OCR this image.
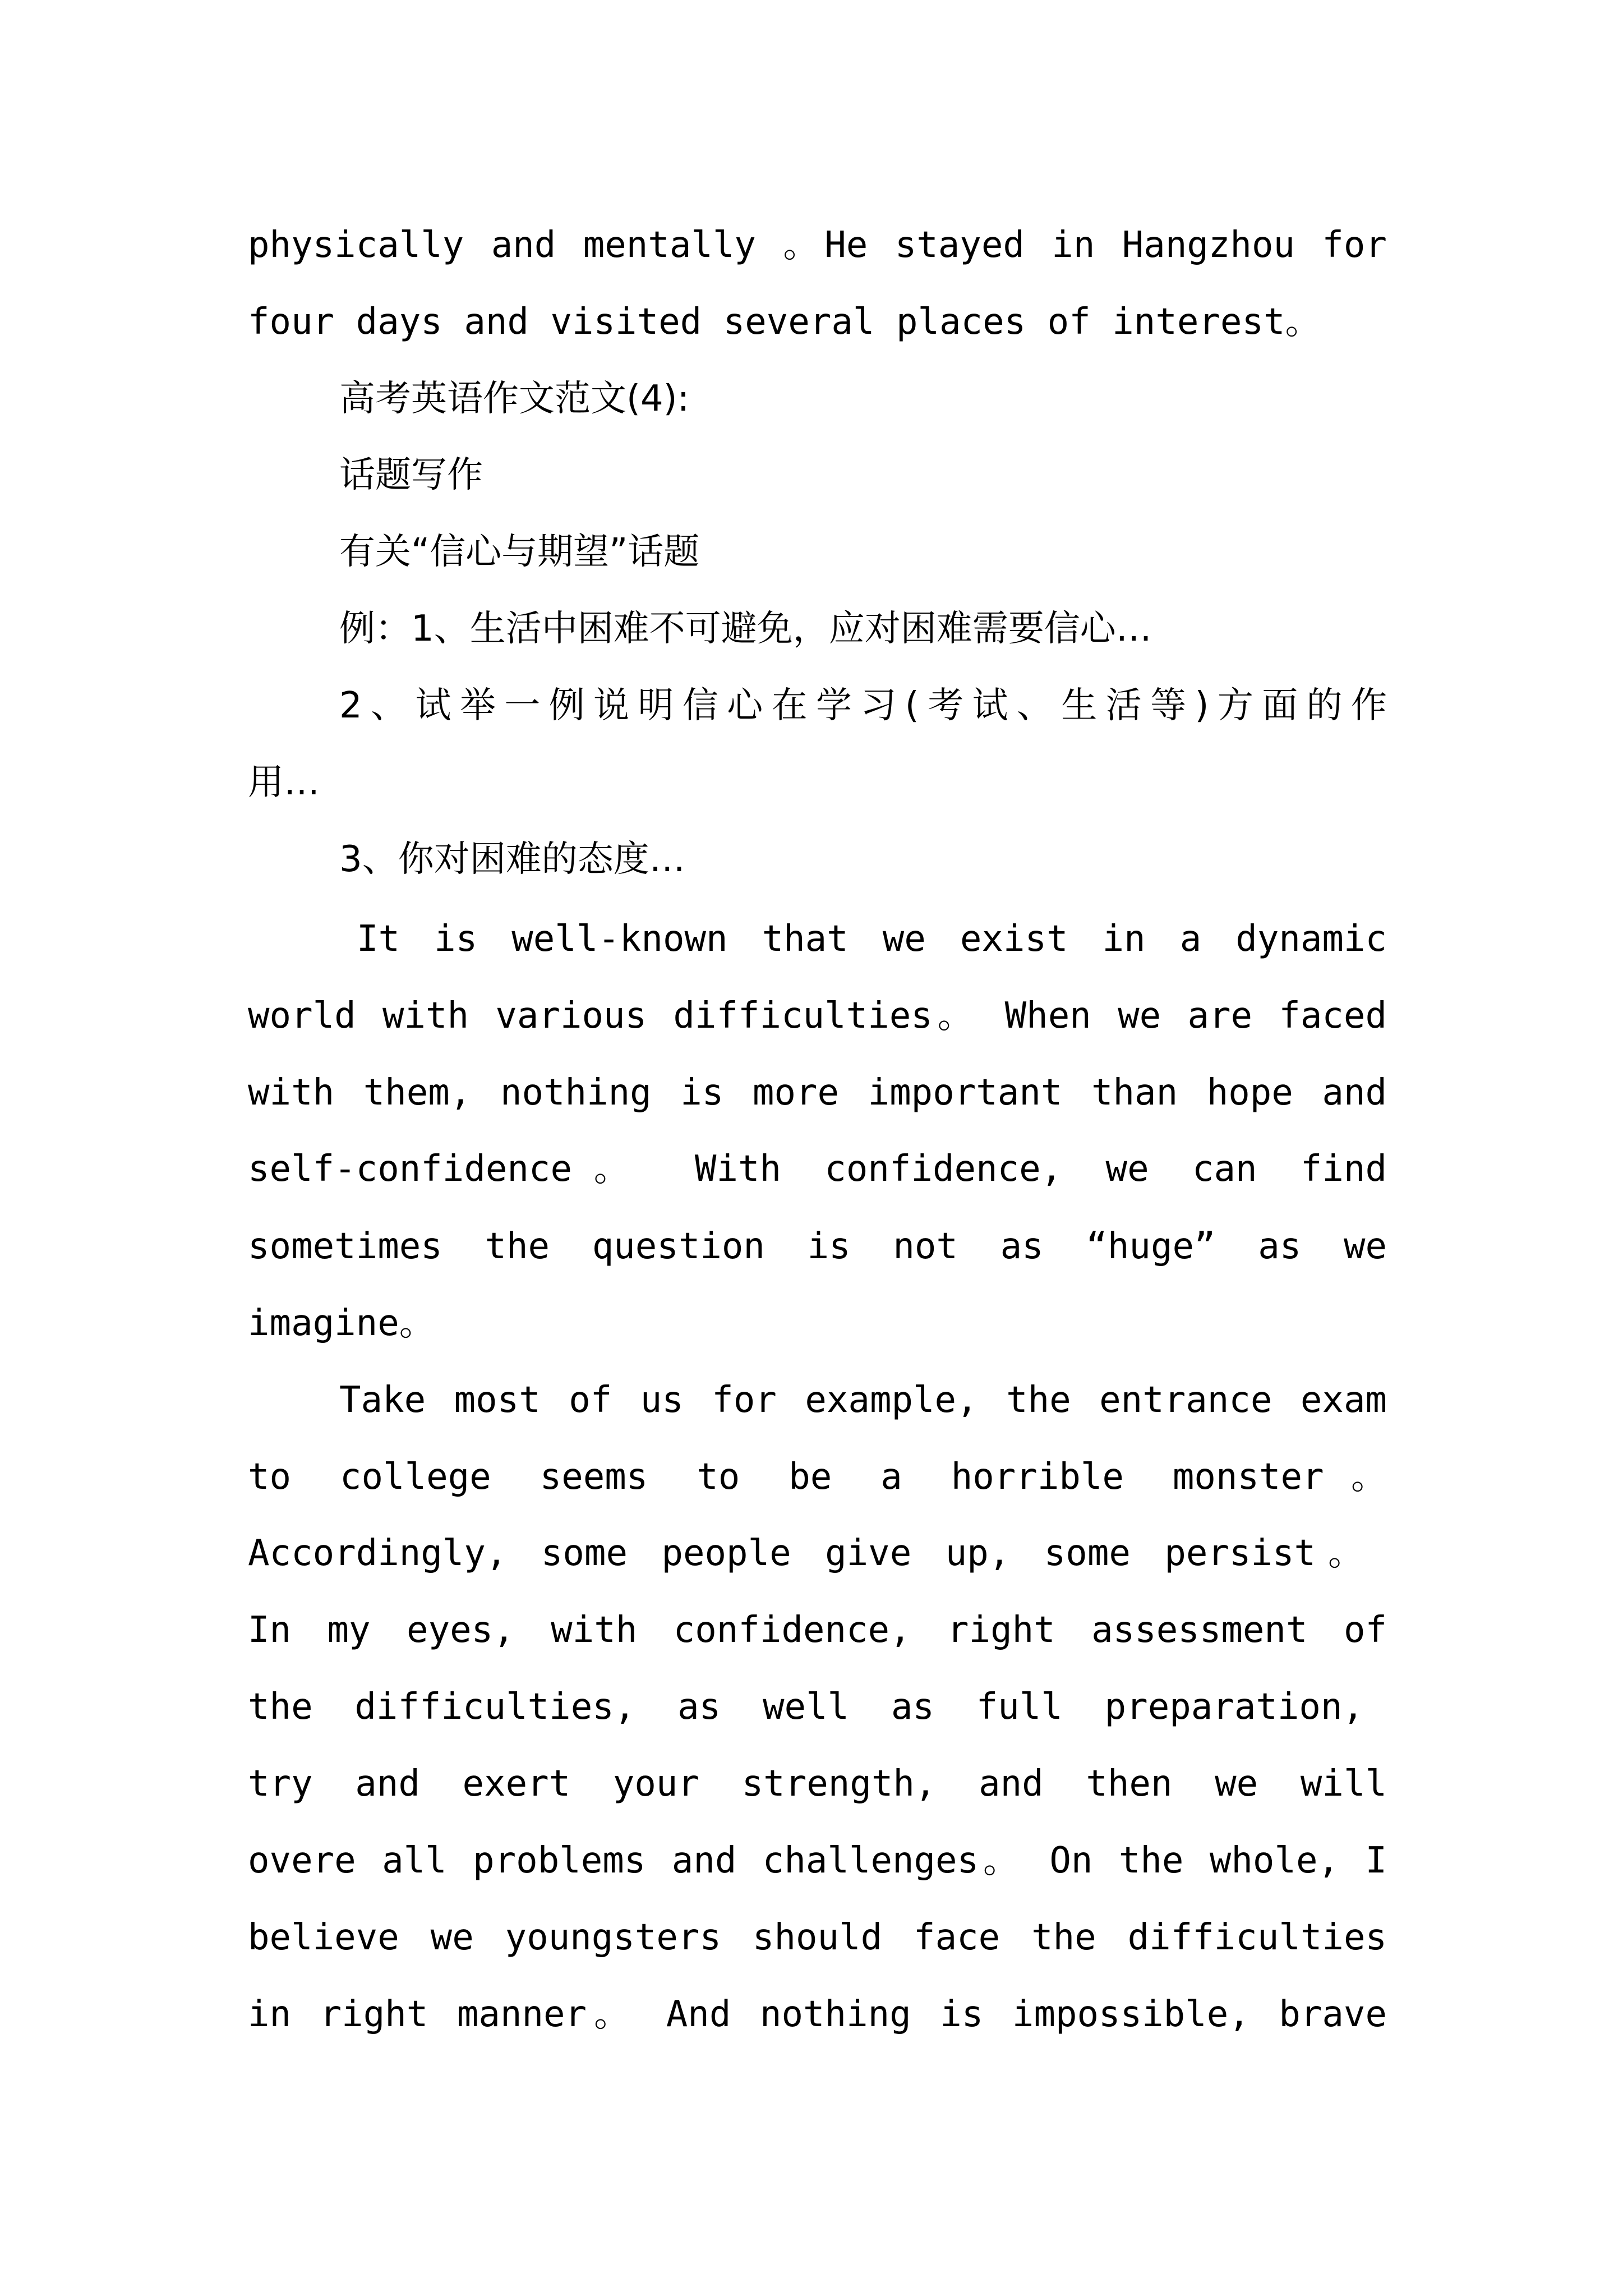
physically and mentally 。He stayed in Hangzhou for
four days and visited several places of interest。
高考英语作文范文(4):
话题写作
有关“信心与期望”话题
例：1、生活中困难不可避免，应对困难需要信心…
2、试举一例说明信心在学习(考试、生活等)方面的作
用…
3、你对困难的态度…
It is well-known that we exist in a dynamic
world with various difficulties。 When we are faced
with them, nothing is more important than hope and
self-confidence。 With confidence, we can find
sometimes the question is not as “huge” as we
imagine。
Take most of us for example, the entrance exam
to college seems to be a horrible monster。
Accordingly, some people give up, some persist。
In my eyes, with confidence, right assessment of
the difficulties, as well as full preparation,
try and exert your strength, and then we will
overe all problems and challenges。 On the whole, I
believe we youngsters should face the difficulties
in right manner。 And nothing is impossible, brave
